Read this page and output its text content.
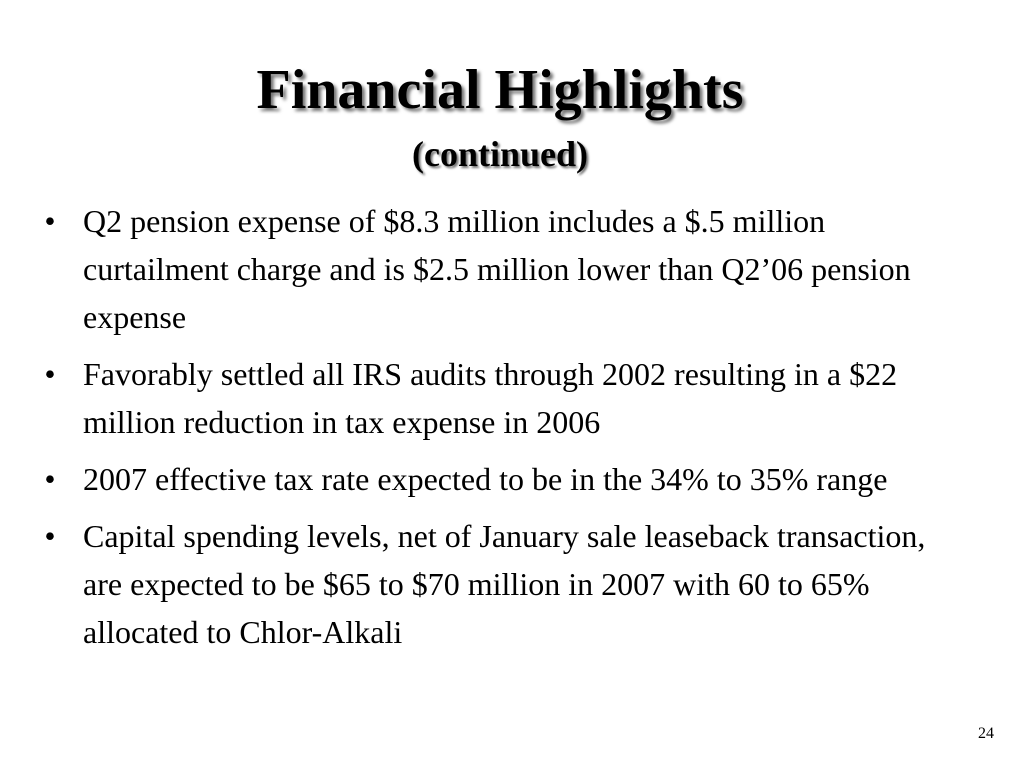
Financial Highlights
(continued)
• Q2 pension expense of $8.3 million includes a $.5 million curtailment charge and is $2.5 million lower than Q2’06 pension expense
• Favorably settled all IRS audits through 2002 resulting in a $22 million reduction in tax expense in 2006
• 2007 effective tax rate expected to be in the 34% to 35% range
• Capital spending levels, net of January sale leaseback transaction, are expected to be $65 to $70 million in 2007 with 60 to 65% allocated to Chlor-Alkali
24
